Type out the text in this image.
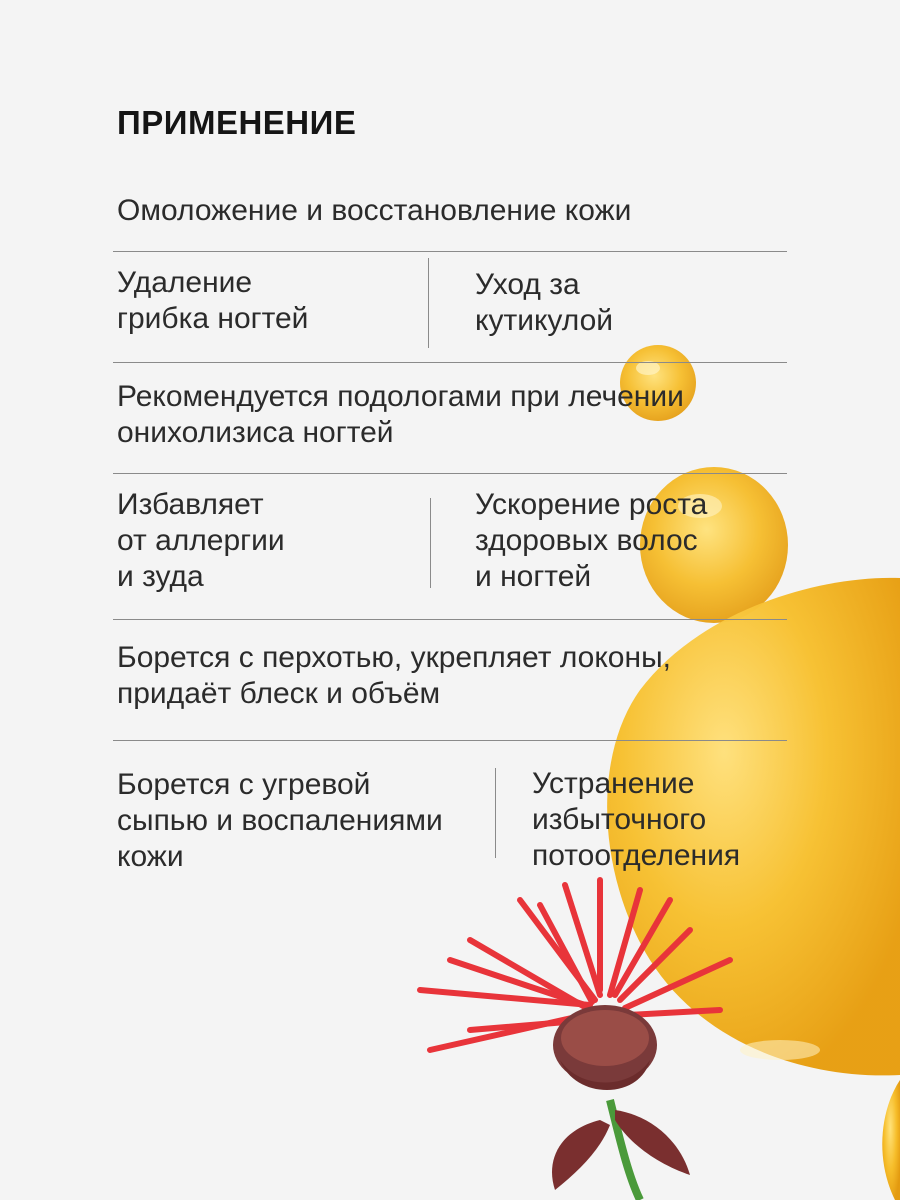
ПРИМЕНЕНИЕ
Омоложение и восстановление кожи
Удаление
грибка ногтей
Уход за
кутикулой
Рекомендуется подологами при лечении
онихолизиса ногтей
Избавляет
от аллергии
и зуда
Ускорение роста
здоровых волос
и ногтей
Борется с перхотью, укрепляет локоны,
придаёт блеск и объём
Борется с угревой
сыпью и воспалениями
кожи
Устранение
избыточного
потоотделения
